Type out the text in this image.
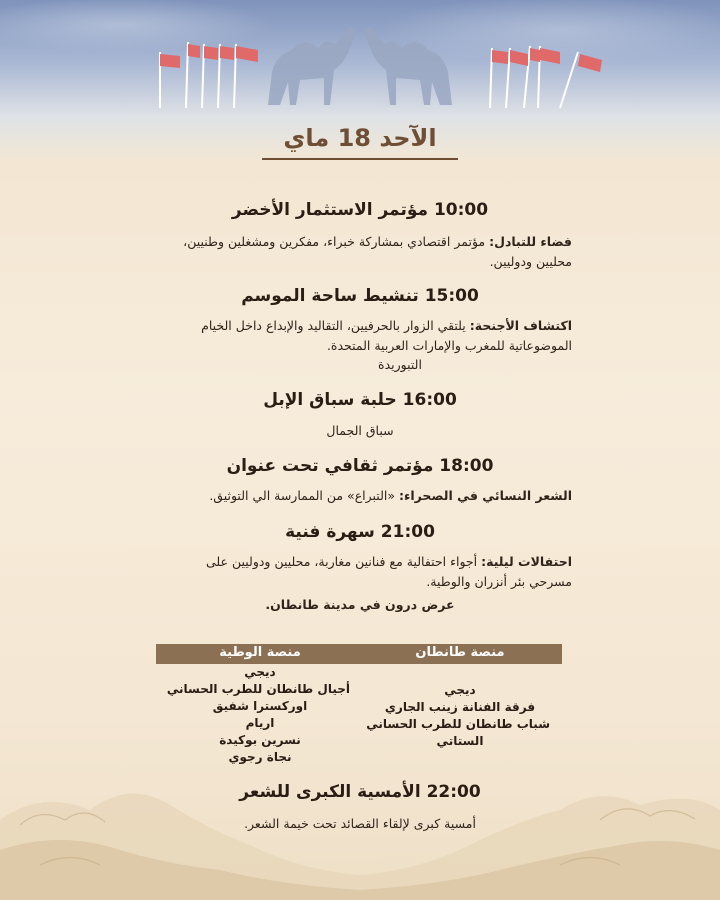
الآحد 18 ماي
10:00 مؤتمر الاستثمار الأخضر
فضاء للتبادل: مؤتمر اقتصادي بمشاركة خبراء، مفكرين ومشغلين وطنيين، محليين ودوليين.
15:00 تنشيط ساحة الموسم
اكتشاف الأجنحة: يلتقي الزوار بالحرفيين، التقاليد والإبداع داخل الخيام الموضوعاتية للمغرب والإمارات العربية المتحدة.
التبوريدة
16:00 حلبة سباق الإبل
سباق الجمال
18:00 مؤتمر ثقافي تحت عنوان
الشعر النسائي في الصحراء: «التبراع» من الممارسة الي التوثيق.
21:00 سهرة فنية
احتفالات ليلية: أجواء احتفالية مع فنانين مغاربة، محليين ودوليين على مسرحي بئر أنزران والوطية.
عرض درون في مدينة طانطان.
منصة طانطان
منصة الوطية
ديجي
فرقة الفنانة زينب الجاري
شباب طانطان للطرب الحساني
الستاتي
ديجي
أجيال طانطان للطرب الحساني
اوركسترا شفيق
اريام
نسرين بوكيدة
نجاة رجوي
22:00 الأمسية الكبرى للشعر
أمسية كبرى لإلقاء القصائد تحت خيمة الشعر.
